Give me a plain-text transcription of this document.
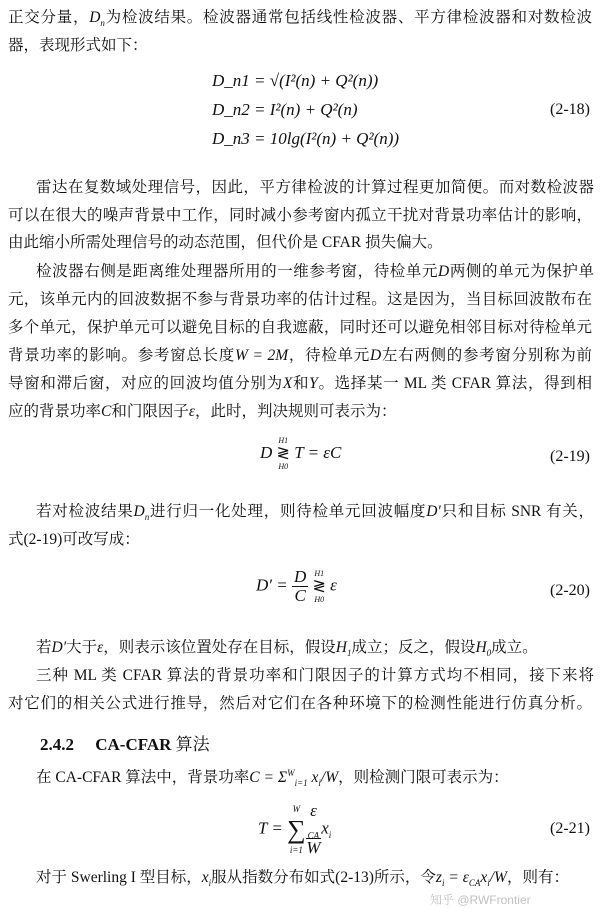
正交分量，$D_n$为检波结果。检波器通常包括线性检波器、平方律检波器和对数检波
器，表现形式如下：
D_n1 = √(I²(n) + Q²(n))
D_n2 = I²(n) + Q²(n)
D_n3 = 10lg(I²(n) + Q²(n))
(2-18)
雷达在复数域处理信号，因此，平方律检波的计算过程更加简便。而对数检波器
可以在很大的噪声背景中工作，同时减小参考窗内孤立干扰对背景功率估计的影响，
由此缩小所需处理信号的动态范围，但代价是 CFAR 损失偏大。
检波器右侧是距离维处理器所用的一维参考窗，待检单元D两侧的单元为保护单
元，该单元内的回波数据不参与背景功率的估计过程。这是因为，当目标回波散布在
多个单元，保护单元可以避免目标的自我遮蔽，同时还可以避免相邻目标对待检单元
背景功率的影响。参考窗总长度W = 2M，待检单元D左右两侧的参考窗分别称为前
导窗和滞后窗，对应的回波均值分别为X和Y。选择某一 ML 类 CFAR 算法，得到相
应的背景功率C和门限因子ε，此时，判决规则可表示为：
D
H1
≷
H0
T = εC	(2-19)
若对检波结果$D_n$进行归一化处理，则待检单元回波幅度D′只和目标 SNR 有关，
式(2-19)可改写成：
$D' = \frac{D}{C}$
H1
≷
H0
ε	(2-20)
若D′大于ε，则表示该位置处存在目标，假设$H_1$成立；反之，假设$H_0$成立。
三种 ML 类 CFAR 算法的背景功率和门限因子的计算方式均不相同，接下来将
对它们的相关公式进行推导，然后对它们在各种环境下的检测性能进行仿真分析。
2.4.2 CA-CFAR 算法
在 CA-CFAR 算法中，背景功率$C = \Sigma^W_{i=1}$ $x_i/W$，则检测门限可表示为：
T =
W
∑
i=1 ε
$_{CA}$
W $x_i$	(2-21)
对于 Swerling I 型目标，$x_i$服从指数分布如式(2-13)所示，令$z_i = \varepsilon_{CA}x_i/W$，则有：
知乎 @RWFrontier
